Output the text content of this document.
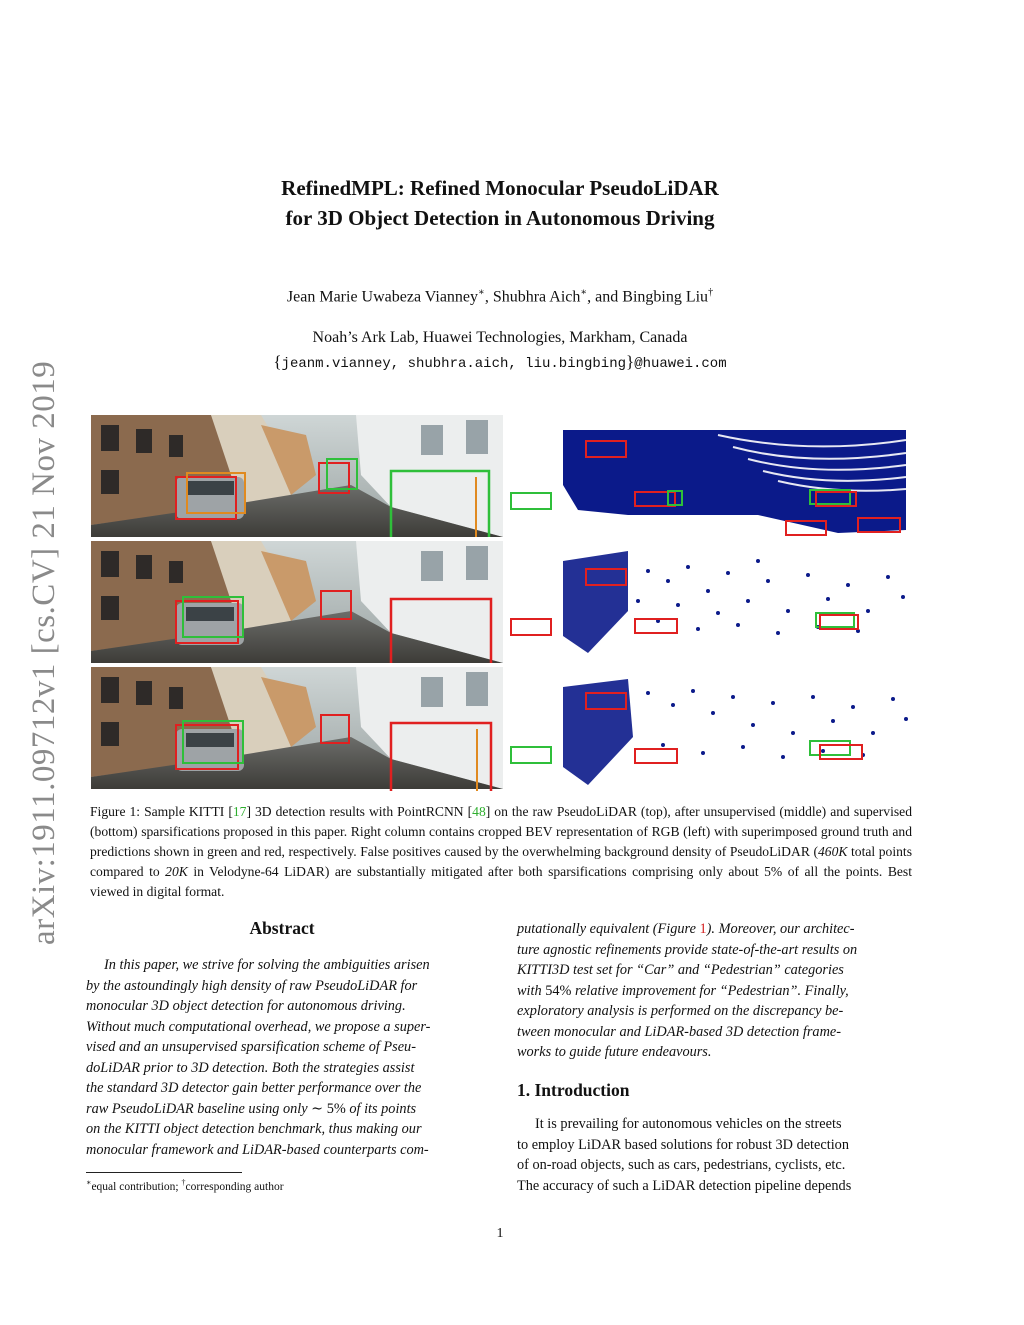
arXiv:1911.09712v1 [cs.CV] 21 Nov 2019
RefinedMPL: Refined Monocular PseudoLiDAR
for 3D Object Detection in Autonomous Driving
Jean Marie Uwabeza Vianney∗, Shubhra Aich∗, and Bingbing Liu†
Noah’s Ark Lab, Huawei Technologies, Markham, Canada
{jeanm.vianney, shubhra.aich, liu.bingbing}@huawei.com
Figure 1: Sample KITTI [17] 3D detection results with PointRCNN [48] on the raw PseudoLiDAR (top), after unsupervised (middle) and supervised (bottom) sparsifications proposed in this paper. Right column contains cropped BEV representation of RGB (left) with superimposed ground truth and predictions shown in green and red, respectively. False positives caused by the overwhelming background density of PseudoLiDAR (460K total points compared to 20K in Velodyne-64 LiDAR) are substantially mitigated after both sparsifications comprising only about 5% of all the points. Best viewed in digital format.
Abstract
In this paper, we strive for solving the ambiguities arisen
by the astoundingly high density of raw PseudoLiDAR for
monocular 3D object detection for autonomous driving.
Without much computational overhead, we propose a super-
vised and an unsupervised sparsification scheme of Pseu-
doLiDAR prior to 3D detection. Both the strategies assist
the standard 3D detector gain better performance over the
raw PseudoLiDAR baseline using only ∼ 5% of its points
on the KITTI object detection benchmark, thus making our
monocular framework and LiDAR-based counterparts com-
∗equal contribution; †corresponding author
putationally equivalent (Figure 1). Moreover, our architec-
ture agnostic refinements provide state-of-the-art results on
KITTI3D test set for “Car” and “Pedestrian” categories
with 54% relative improvement for “Pedestrian”. Finally,
exploratory analysis is performed on the discrepancy be-
tween monocular and LiDAR-based 3D detection frame-
works to guide future endeavours.
1. Introduction
It is prevailing for autonomous vehicles on the streets
to employ LiDAR based solutions for robust 3D detection
of on-road objects, such as cars, pedestrians, cyclists, etc.
The accuracy of such a LiDAR detection pipeline depends
1
